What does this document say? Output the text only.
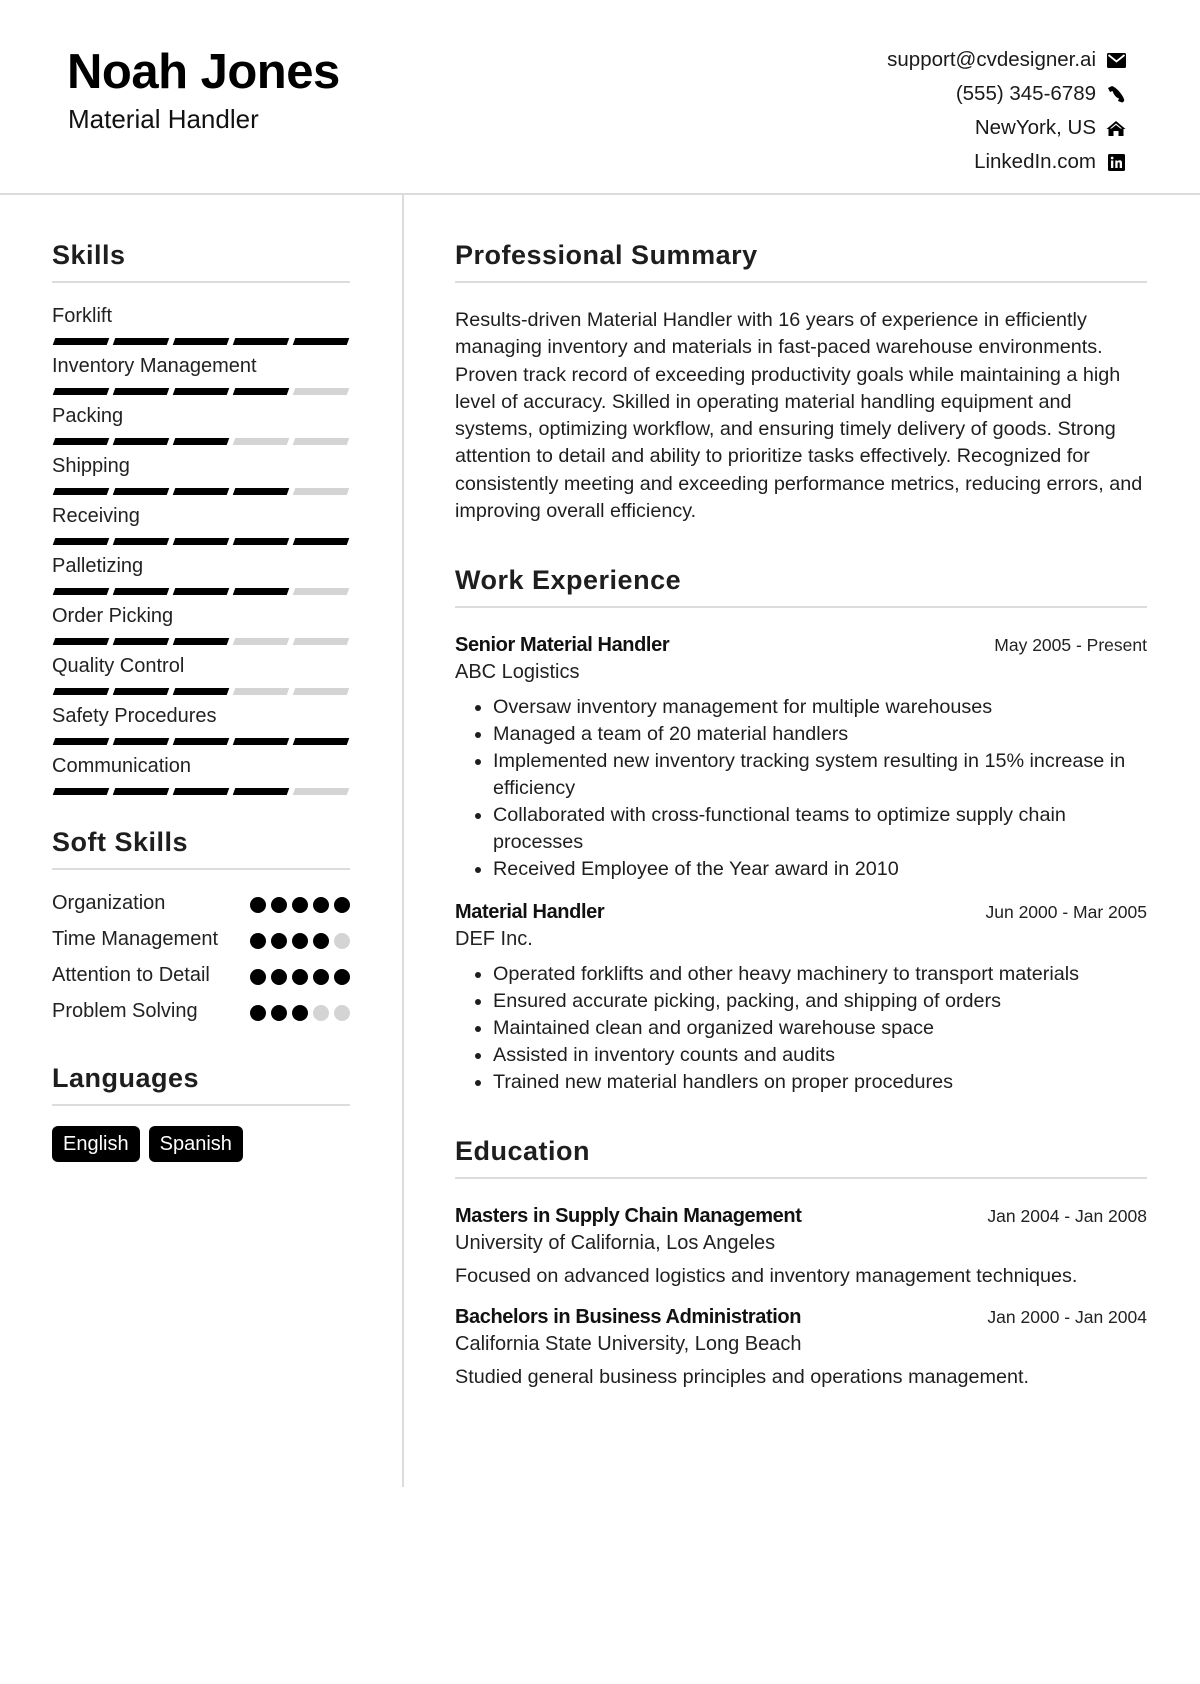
Noah Jones
Material Handler
support@cvdesigner.ai
(555) 345-6789
NewYork, US
LinkedIn.com
Skills
Forklift
Inventory Management
Packing
Shipping
Receiving
Palletizing
Order Picking
Quality Control
Safety Procedures
Communication
Soft Skills
Organization
Time Management
Attention to Detail
Problem Solving
Languages
English	Spanish
Professional Summary
Results-driven Material Handler with 16 years of experience in efficiently managing inventory and materials in fast-paced warehouse environments. Proven track record of exceeding productivity goals while maintaining a high level of accuracy. Skilled in operating material handling equipment and systems, optimizing workflow, and ensuring timely delivery of goods. Strong attention to detail and ability to prioritize tasks effectively. Recognized for consistently meeting and exceeding performance metrics, reducing errors, and improving overall efficiency.
Work Experience
Senior Material Handler	May 2005 - Present
ABC Logistics
• Oversaw inventory management for multiple warehouses
• Managed a team of 20 material handlers
• Implemented new inventory tracking system resulting in 15% increase in efficiency
• Collaborated with cross-functional teams to optimize supply chain processes
• Received Employee of the Year award in 2010
Material Handler	Jun 2000 - Mar 2005
DEF Inc.
• Operated forklifts and other heavy machinery to transport materials
• Ensured accurate picking, packing, and shipping of orders
• Maintained clean and organized warehouse space
• Assisted in inventory counts and audits
• Trained new material handlers on proper procedures
Education
Masters in Supply Chain Management	Jan 2004 - Jan 2008
University of California, Los Angeles
Focused on advanced logistics and inventory management techniques.
Bachelors in Business Administration	Jan 2000 - Jan 2004
California State University, Long Beach
Studied general business principles and operations management.
